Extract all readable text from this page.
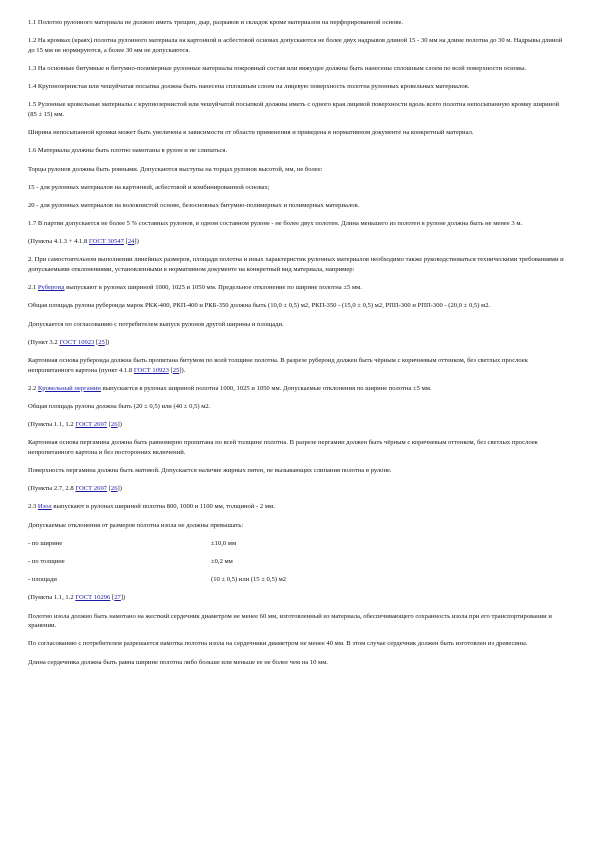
1.1 Полотно рулонного материала не должно иметь трещин, дыр, разрывов и складок кроме материалов на перфорированной основе.

1.2 На кромках (краях) полотна рулонного материала на картонной и асбестовой основах допускаются не более двух надрывов длиной 15 - 30 мм на длине полотна до 30 м. Надрывы длиной до 15 мм не нормируются, а более 30 мм не допускаются.

1.3 На основные битумные и битумно-полимерные рулонные материалы покровный состав или вяжущее должны быть нанесены сплошным слоем по всей поверхности основы.

1.4 Крупнозернистая или чешуйчатая посыпка должна быть нанесена сплошным слоем на лицевую поверхность полотна рулонных кровельных материалов.

1.5 Рулонные кровельные материалы с крупнозернистой или чешуйчатой посыпкой должны иметь с одного края лицевой поверхности вдоль всего полотна непосыпанную кромку шириной (85 ± 15) мм.

Ширина непосыпанной кромки может быть увеличена в зависимости от области применения и приведена в нормативном документе на конкретный материал.

1.6 Материалы должны быть плотно намотаны в рулон и не слипаться.

Торцы рулонов должны быть ровными. Допускаются выступы на торцах рулонов высотой, мм, не более:

15 - для рулонных материалов на картонной, асбестовой и комбинированной основах;

20 - для рулонных материалов на волокнистой основе, безосновных битумно-полимерных и полимерных материалов.

1.7 В партии допускается не более 5 % составных рулонов, в одном составном рулоне - не более двух полотен. Длина меньшего из полотен в рулоне должна быть не менее 3 м.

(Пункты 4.1.3 + 4.1.8 ГОСТ 30547 [24])

2. При самостоятельном выполнении линейных размеров, площади полотна и иных характеристик рулонных материалов необходимо также руководствоваться техническими требованиями и допускаемыми отклонениями, установленными в нормативном документе на конкретный вид материала, например:

2.1 Рубероид выпускают в рулонах шириной 1000, 1025 и 1050 мм. Предельное отклонение по ширине полотна ±5 мм.

Общая площадь рулона рубероида марок РКК-400, РКП-400 и РКБ-350 должна быть (10,0 ± 0,5) м2, РКП-350 - (15,0 ± 0,5) м2, РПП-300 и РПП-300 - (20,0 ± 0,5) м2.

Допускается по согласованию с потребителем выпуск рулонов другой ширины и площади.

(Пункт 3.2 ГОСТ 10923 [25])

Картонная основа рубероида должна быть пропитана битумом по всей толщине полотна. В разрезе рубероид должен быть чёрным с коричневым оттенком, без светлых прослоек непропитанного картона (пункт 4.1.8 ГОСТ 10923 [25]).

2.2 Кровельный пергамин выпускается в рулонах шириной полотна 1000, 1025 и 1050 мм. Допускаемые отклонения по ширине полотна ±5 мм.

Общая площадь рулона должна быть (20 ± 0,5) или (40 ± 0,5) м2.

(Пункты 1.1, 1.2 ГОСТ 2697 [26])

Картонная основа пергамина должна быть равномерно пропитана по всей толщине полотна. В разрезе пергамин должен быть чёрным с коричневым оттенком, без светлых прослоек непропитанного картона и без посторонних включений.

Поверхность пергамина должна быть матовой. Допускается наличие жирных пятен, не вызывающих слипания полотна в рулоне.

(Пункты 2.7, 2.8 ГОСТ 2697 [26])

2.3 Изол выпускают в рулонах шириной полотна 800, 1000 и 1100 мм, толщиной - 2 мм.

Допускаемые отклонения от размеров полотна изола не должны превышать:

- по ширине	±10,0 мм
- по толщине	±0,2 мм
- площади	(10 ± 0,5) или (15 ± 0,5) м2

(Пункты 1.1, 1.2 ГОСТ 10296 [27])

Полотно изола должно быть намотано на жесткий сердечник диаметром не менее 60 мм, изготовленный из материала, обеспечивающего сохранность изола при его транспортировании и хранении.

По согласованию с потребителем разрешается намотка полотна изола на сердечники диаметром не менее 40 мм. В этом случае сердечник должен быть изготовлен из древесины.

Длина сердечника должна быть равна ширине полотна либо больше или меньше ее не более чем на 10 мм.
